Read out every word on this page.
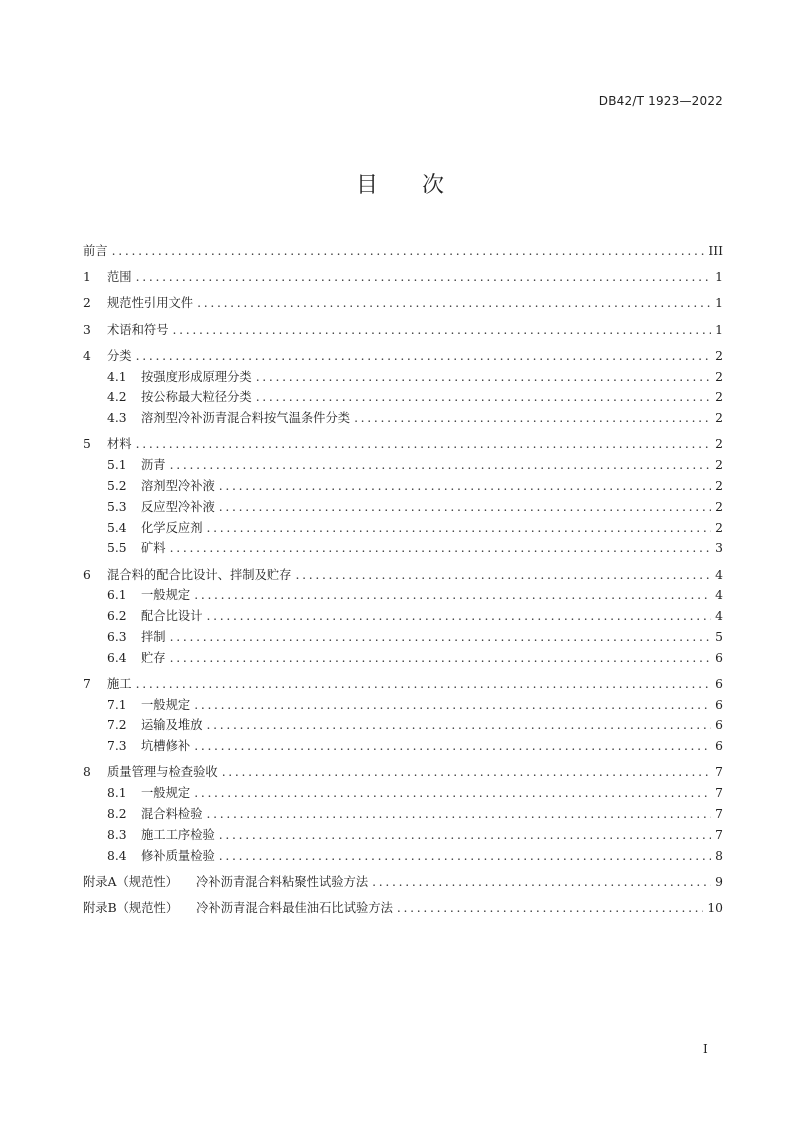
DB42/T 1923—2022
目　　次
前言 . . .	III
1	范围 . . .	1
2	规范性引用文件 . . .	1
3	术语和符号 . . .	1
4	分类 . . .	2
4.1	按强度形成原理分类 . . .	2
4.2	按公称最大粒径分类 . . .	2
4.3	溶剂型冷补沥青混合料按气温条件分类 . . .	2
5	材料 . . .	2
5.1	沥青 . . .	2
5.2	溶剂型冷补液 . . .	2
5.3	反应型冷补液 . . .	2
5.4	化学反应剂 . . .	2
5.5	矿料 . . .	3
6	混合料的配合比设计、拌制及贮存 . . .	4
6.1	一般规定 . . .	4
6.2	配合比设计 . . .	4
6.3	拌制 . . .	5
6.4	贮存 . . .	6
7	施工 . . .	6
7.1	一般规定 . . .	6
7.2	运输及堆放 . . .	6
7.3	坑槽修补 . . .	6
8	质量管理与检查验收 . . .	7
8.1	一般规定 . . .	7
8.2	混合料检验 . . .	7
8.3	施工工序检验 . . .	7
8.4	修补质量检验 . . .	8
附录A（规范性） 冷补沥青混合料粘聚性试验方法 . . .	9
附录B（规范性） 冷补沥青混合料最佳油石比试验方法 . . .	10
I
